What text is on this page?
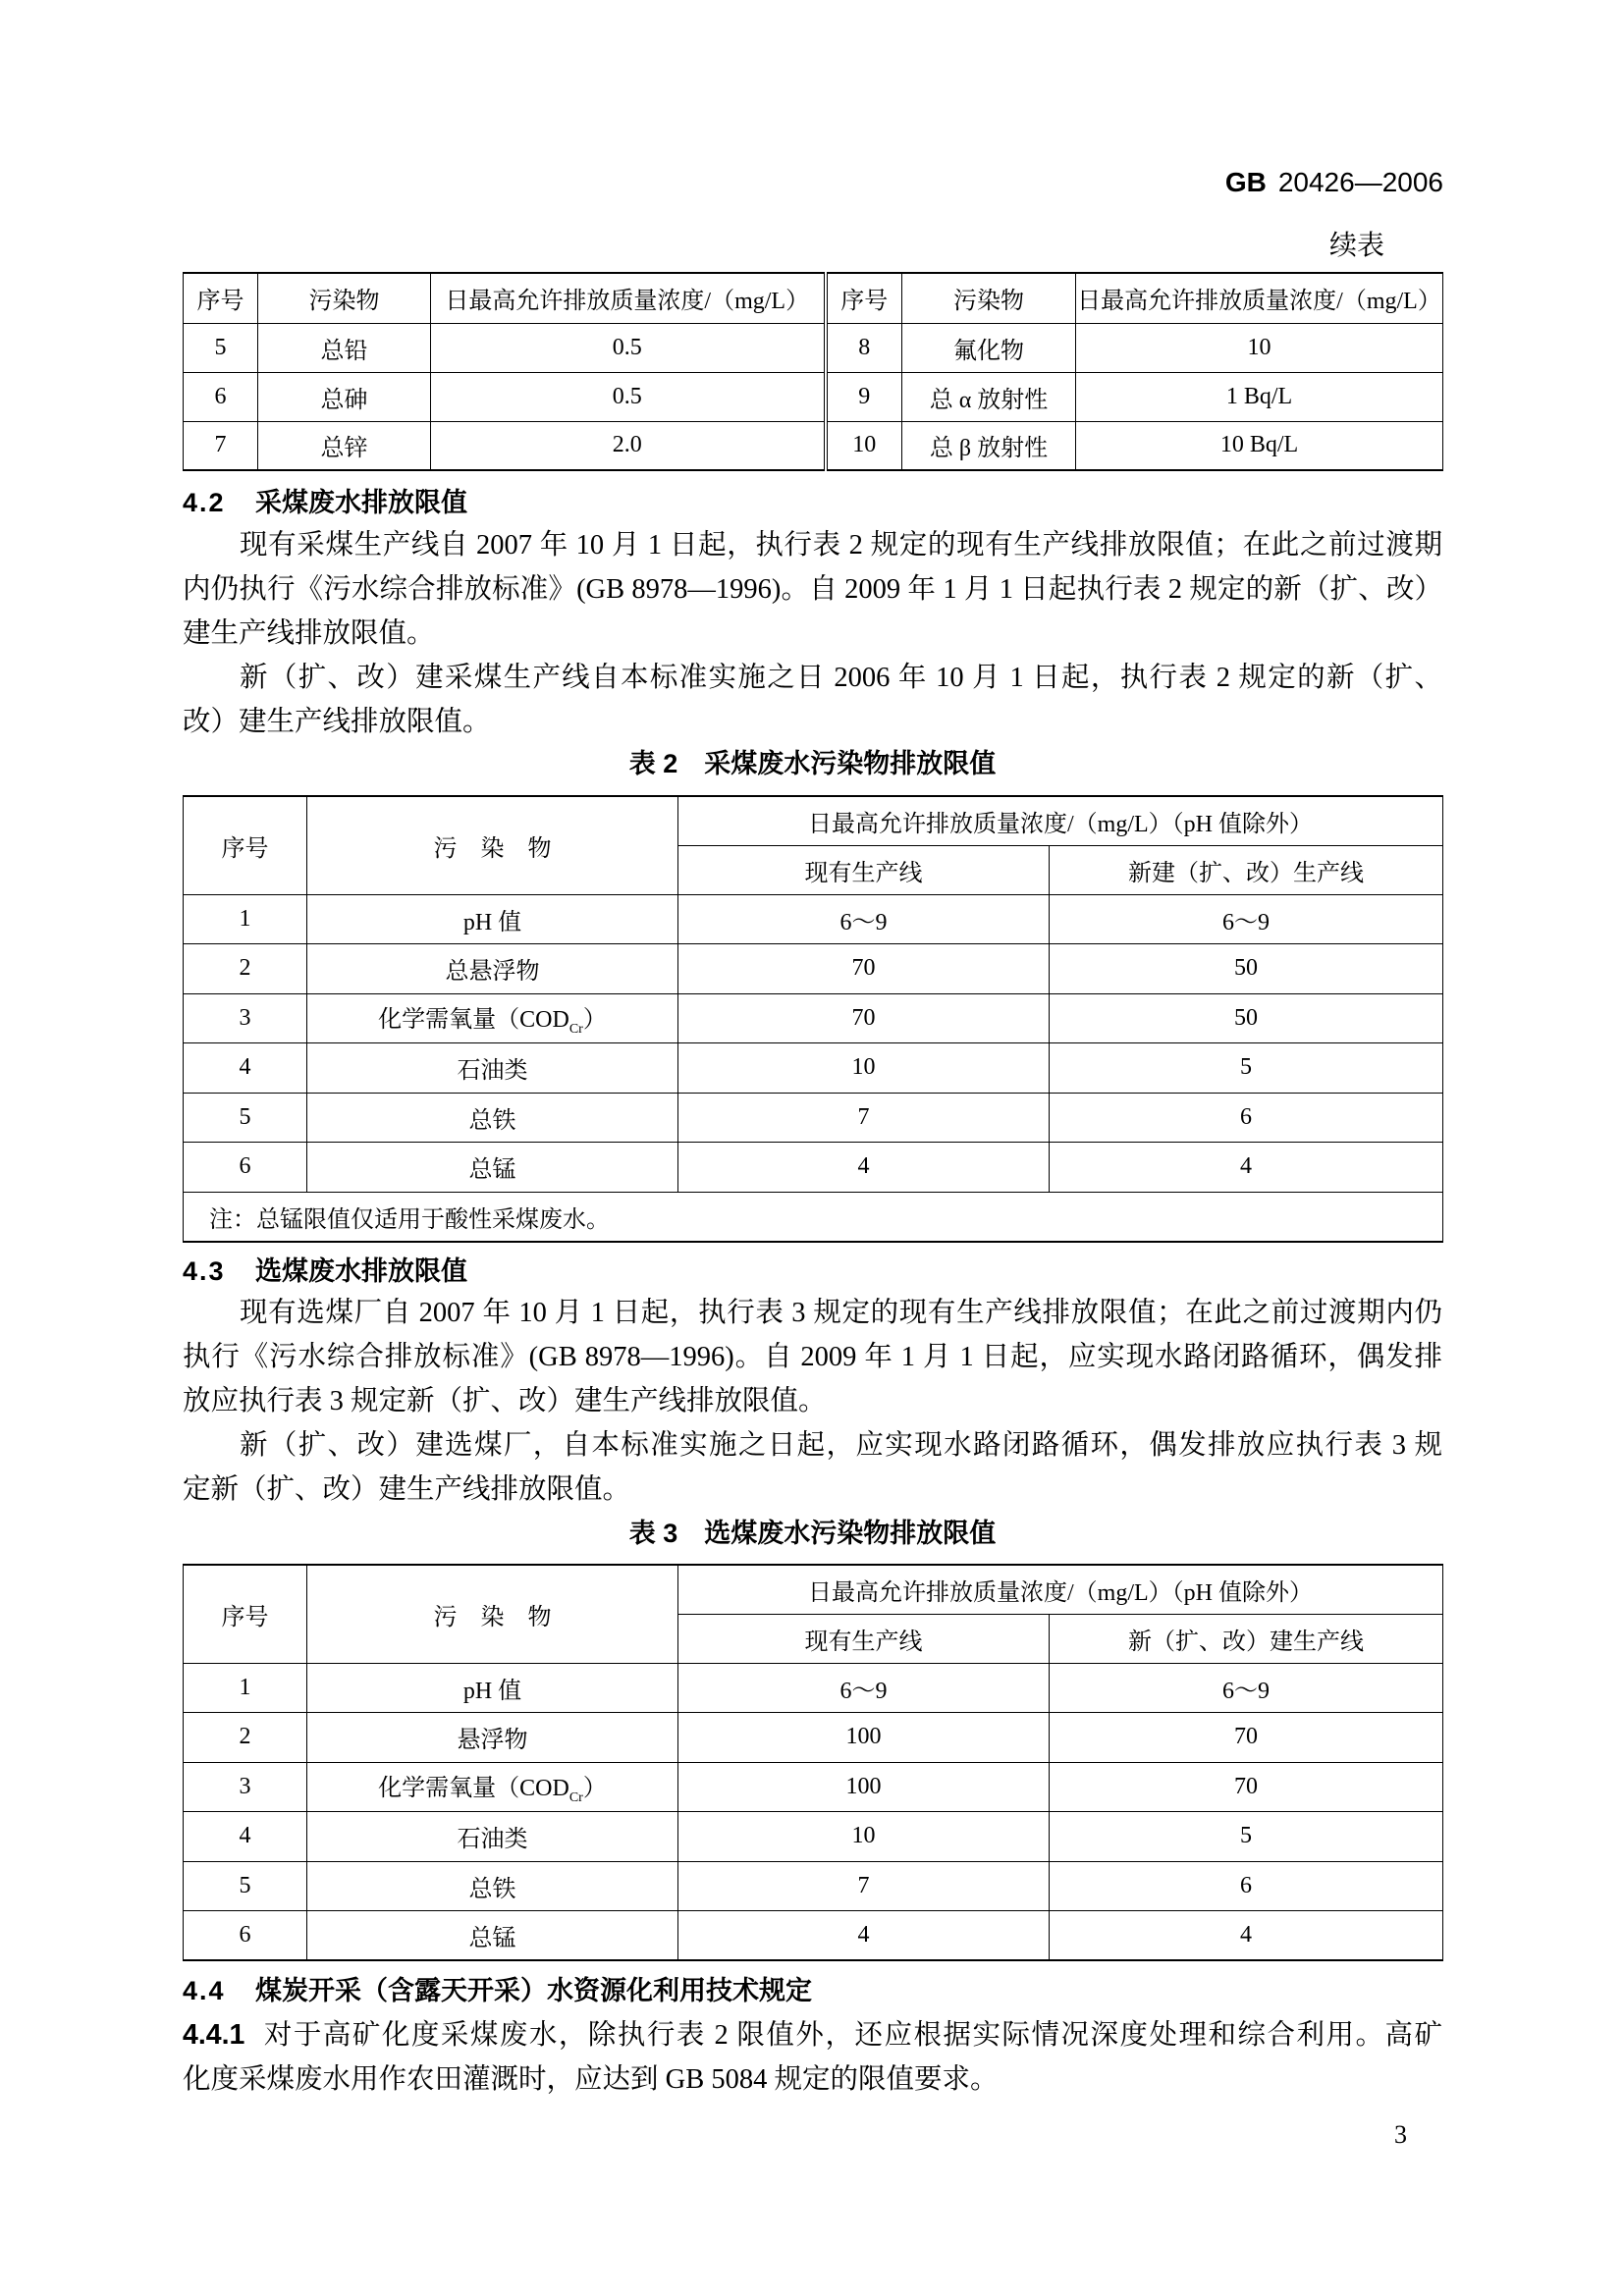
GB 20426—2006
续表
序号	污染物	日最高允许排放质量浓度/（mg/L）	序号	污染物	日最高允许排放质量浓度/（mg/L）
5	总铅	0.5	8	氟化物	10
6	总砷	0.5	9	总 α 放射性	1 Bq/L
7	总锌	2.0	10	总 β 放射性	10 Bq/L
4.2 采煤废水排放限值
现有采煤生产线自 2007 年 10 月 1 日起，执行表 2 规定的现有生产线排放限值；在此之前过渡期
内仍执行《污水综合排放标准》(GB 8978—1996)。自 2009 年 1 月 1 日起执行表 2 规定的新（扩、改）
建生产线排放限值。
新（扩、改）建采煤生产线自本标准实施之日 2006 年 10 月 1 日起，执行表 2 规定的新（扩、
改）建生产线排放限值。
表 2　采煤废水污染物排放限值
序号	污　染　物	日最高允许排放质量浓度/（mg/L）（pH 值除外）	
		现有生产线	新建（扩、改）生产线
1	pH 值	6～9	6～9
2	总悬浮物	70	50
3	化学需氧量$(COD_{Cr})$	70	50
4	石油类	10	5
5	总铁	7	6
6	总锰	4	4
注：总锰限值仅适用于酸性采煤废水。			
4.3 选煤废水排放限值
现有选煤厂自 2007 年 10 月 1 日起，执行表 3 规定的现有生产线排放限值；在此之前过渡期内仍
执行《污水综合排放标准》(GB 8978—1996)。自 2009 年 1 月 1 日起，应实现水路闭路循环，偶发排
放应执行表 3 规定新（扩、改）建生产线排放限值。
新（扩、改）建选煤厂，自本标准实施之日起，应实现水路闭路循环，偶发排放应执行表 3 规
定新（扩、改）建生产线排放限值。
表 3　选煤废水污染物排放限值
序号	污　染　物	日最高允许排放质量浓度/（mg/L）（pH 值除外）	
		现有生产线	新（扩、改）建生产线
1	pH 值	6～9	6～9
2	悬浮物	100	70
3	化学需氧量$(COD_{Cr})$	100	70
4	石油类	10	5
5	总铁	7	6
6	总锰	4	4
4.4 煤炭开采（含露天开采）水资源化利用技术规定
4.4.1 对于高矿化度采煤废水，除执行表 2 限值外，还应根据实际情况深度处理和综合利用。高矿
化度采煤废水用作农田灌溉时，应达到 GB 5084 规定的限值要求。
3
